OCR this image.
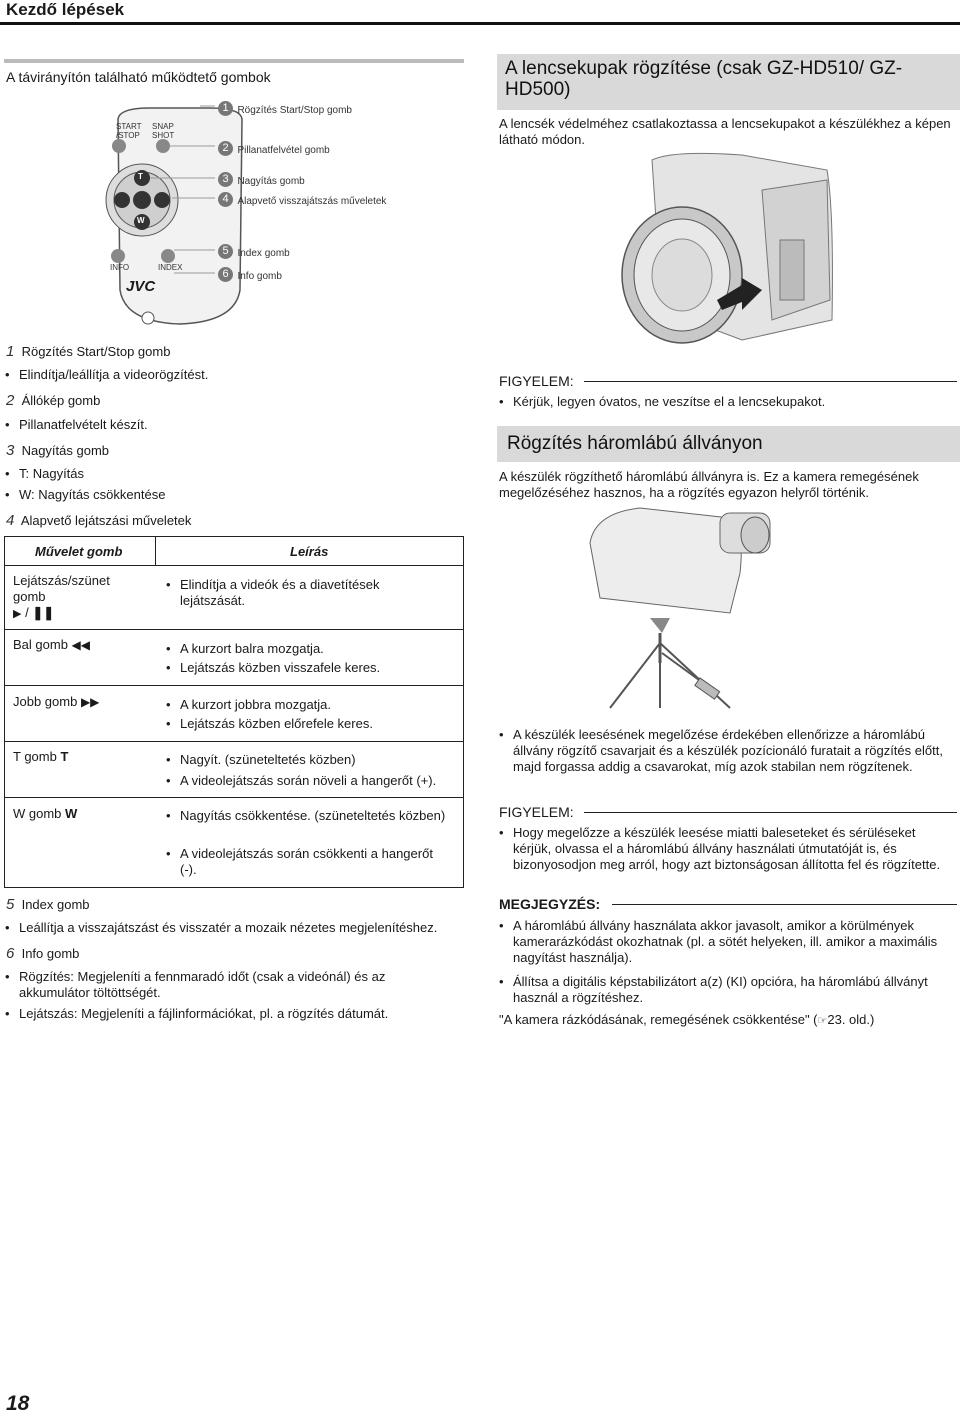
Kezdő lépések
A távirányítón található működtető gombok
START
/STOP
SNAP
SHOT
T
W
INFO	INDEX
JVC
1 Rögzítés Start/Stop gomb
2 Pillanatfelvétel gomb
3 Nagyítás gomb
4 Alapvető visszajátszás műveletek
5 Index gomb
6 Info gomb
1 Rögzítés Start/Stop gomb
• Elindítja/leállítja a videorögzítést.
2 Állókép gomb
• Pillanatfelvételt készít.
3 Nagyítás gomb
• T: Nagyítás
• W: Nagyítás csökkentése
4 Alapvető lejátszási műveletek
Művelet gomb	Leírás
Lejátszás/szünet gomb
▶ / ❚❚
• Elindítja a videók és a diavetítések lejátszását.
Bal gomb ◀◀	• A kurzort balra mozgatja.
• Lejátszás közben visszafele keres.
Jobb gomb ▶▶	• A kurzort jobbra mozgatja.
• Lejátszás közben előrefele keres.
T gomb T	• Nagyít. (szüneteltetés közben)
• A videolejátszás során növeli a hangerőt (+).
W gomb W	• Nagyítás csökkentése. (szüneteltetés közben)
• A videolejátszás során csökkenti a hangerőt (-).
5 Index gomb
• Leállítja a visszajátszást és visszatér a mozaik nézetes megjelenítéshez.
6 Info gomb
• Rögzítés: Megjeleníti a fennmaradó időt (csak a videónál) és az akkumulátor töltöttségét.
• Lejátszás: Megjeleníti a fájlinformációkat, pl. a rögzítés dátumát.
A lencsekupak rögzítése (csak GZ-HD510/ GZ-HD500)
A lencsék védelméhez csatlakoztassa a lencsekupakot a készülékhez a képen látható módon.
FIGYELEM:
• Kérjük, legyen óvatos, ne veszítse el a lencsekupakot.
Rögzítés háromlábú állványon
A készülék rögzíthető háromlábú állványra is. Ez a kamera remegésének megelőzéséhez hasznos, ha a rögzítés egyazon helyről történik.
• A készülék leesésének megelőzése érdekében ellenőrizze a háromlábú állvány rögzítő csavarjait és a készülék pozícionáló furatait a rögzítés előtt, majd forgassa addig a csavarokat, míg azok stabilan nem rögzítenek.
FIGYELEM:
• Hogy megelőzze a készülék leesése miatti baleseteket és sérüléseket kérjük, olvassa el a háromlábú állvány használati útmutatóját is, és bizonyosodjon meg arról, hogy azt biztonságosan állította fel és rögzítette.
MEGJEGYZÉS:
• A háromlábú állvány használata akkor javasolt, amikor a körülmények kamerarázkódást okozhatnak (pl. a sötét helyeken, ill. amikor a maximális nagyítást használja).
• Állítsa a digitális képstabilizátort a(z) (KI) opcióra, ha háromlábú állványt használ a rögzítéshez.
"A kamera rázkódásának, remegésének csökkentése" (☞23. old.)
18
